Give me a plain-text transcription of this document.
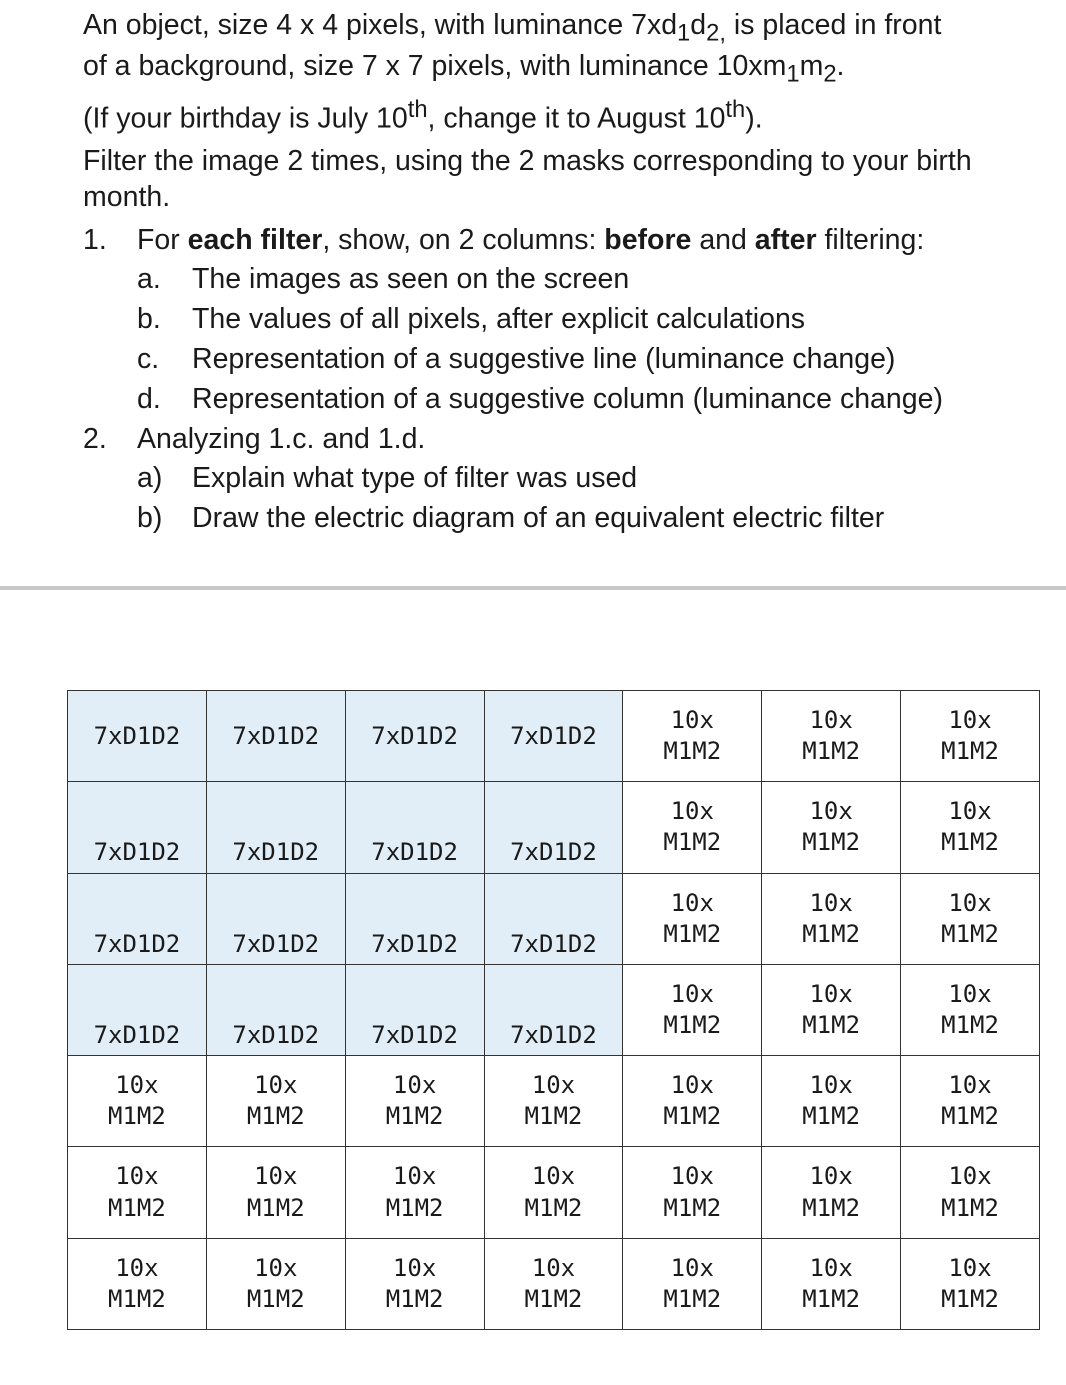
An object, size 4 x 4 pixels, with luminance $7xd_1d_{2,}$ is placed in front
of a background, size 7 x 7 pixels, with luminance $10xm_1m_2$.

(If your birthday is July 10th, change it to August 10th).

Filter the image 2 times, using the 2 masks corresponding to your birth month.

1. For each filter, show, on 2 columns: before and after filtering:
a. The images as seen on the screen
b. The values of all pixels, after explicit calculations
c. Representation of a suggestive line (luminance change)
d. Representation of a suggestive column (luminance change)
2. Analyzing 1.c. and 1.d.
a) Explain what type of filter was used
b) Draw the electric diagram of an equivalent electric filter
7xD1D2	7xD1D2	7xD1D2	7xD1D2	10x
M1M2	10x
M1M2	10x
M1M2

7xD1D2	7xD1D2	7xD1D2	7xD1D2	10x
M1M2	10x
M1M2	10x
M1M2

7xD1D2	7xD1D2	7xD1D2	7xD1D2	10x
M1M2	10x
M1M2	10x
M1M2

7xD1D2	7xD1D2	7xD1D2	7xD1D2	10x
M1M2	10x
M1M2	10x
M1M2

10x
M1M2	10x
M1M2	10x
M1M2	10x
M1M2	10x
M1M2	10x
M1M2	10x
M1M2

10x
M1M2	10x
M1M2	10x
M1M2	10x
M1M2	10x
M1M2	10x
M1M2	10x
M1M2

10x
M1M2	10x
M1M2	10x
M1M2	10x
M1M2	10x
M1M2	10x
M1M2	10x
M1M2
